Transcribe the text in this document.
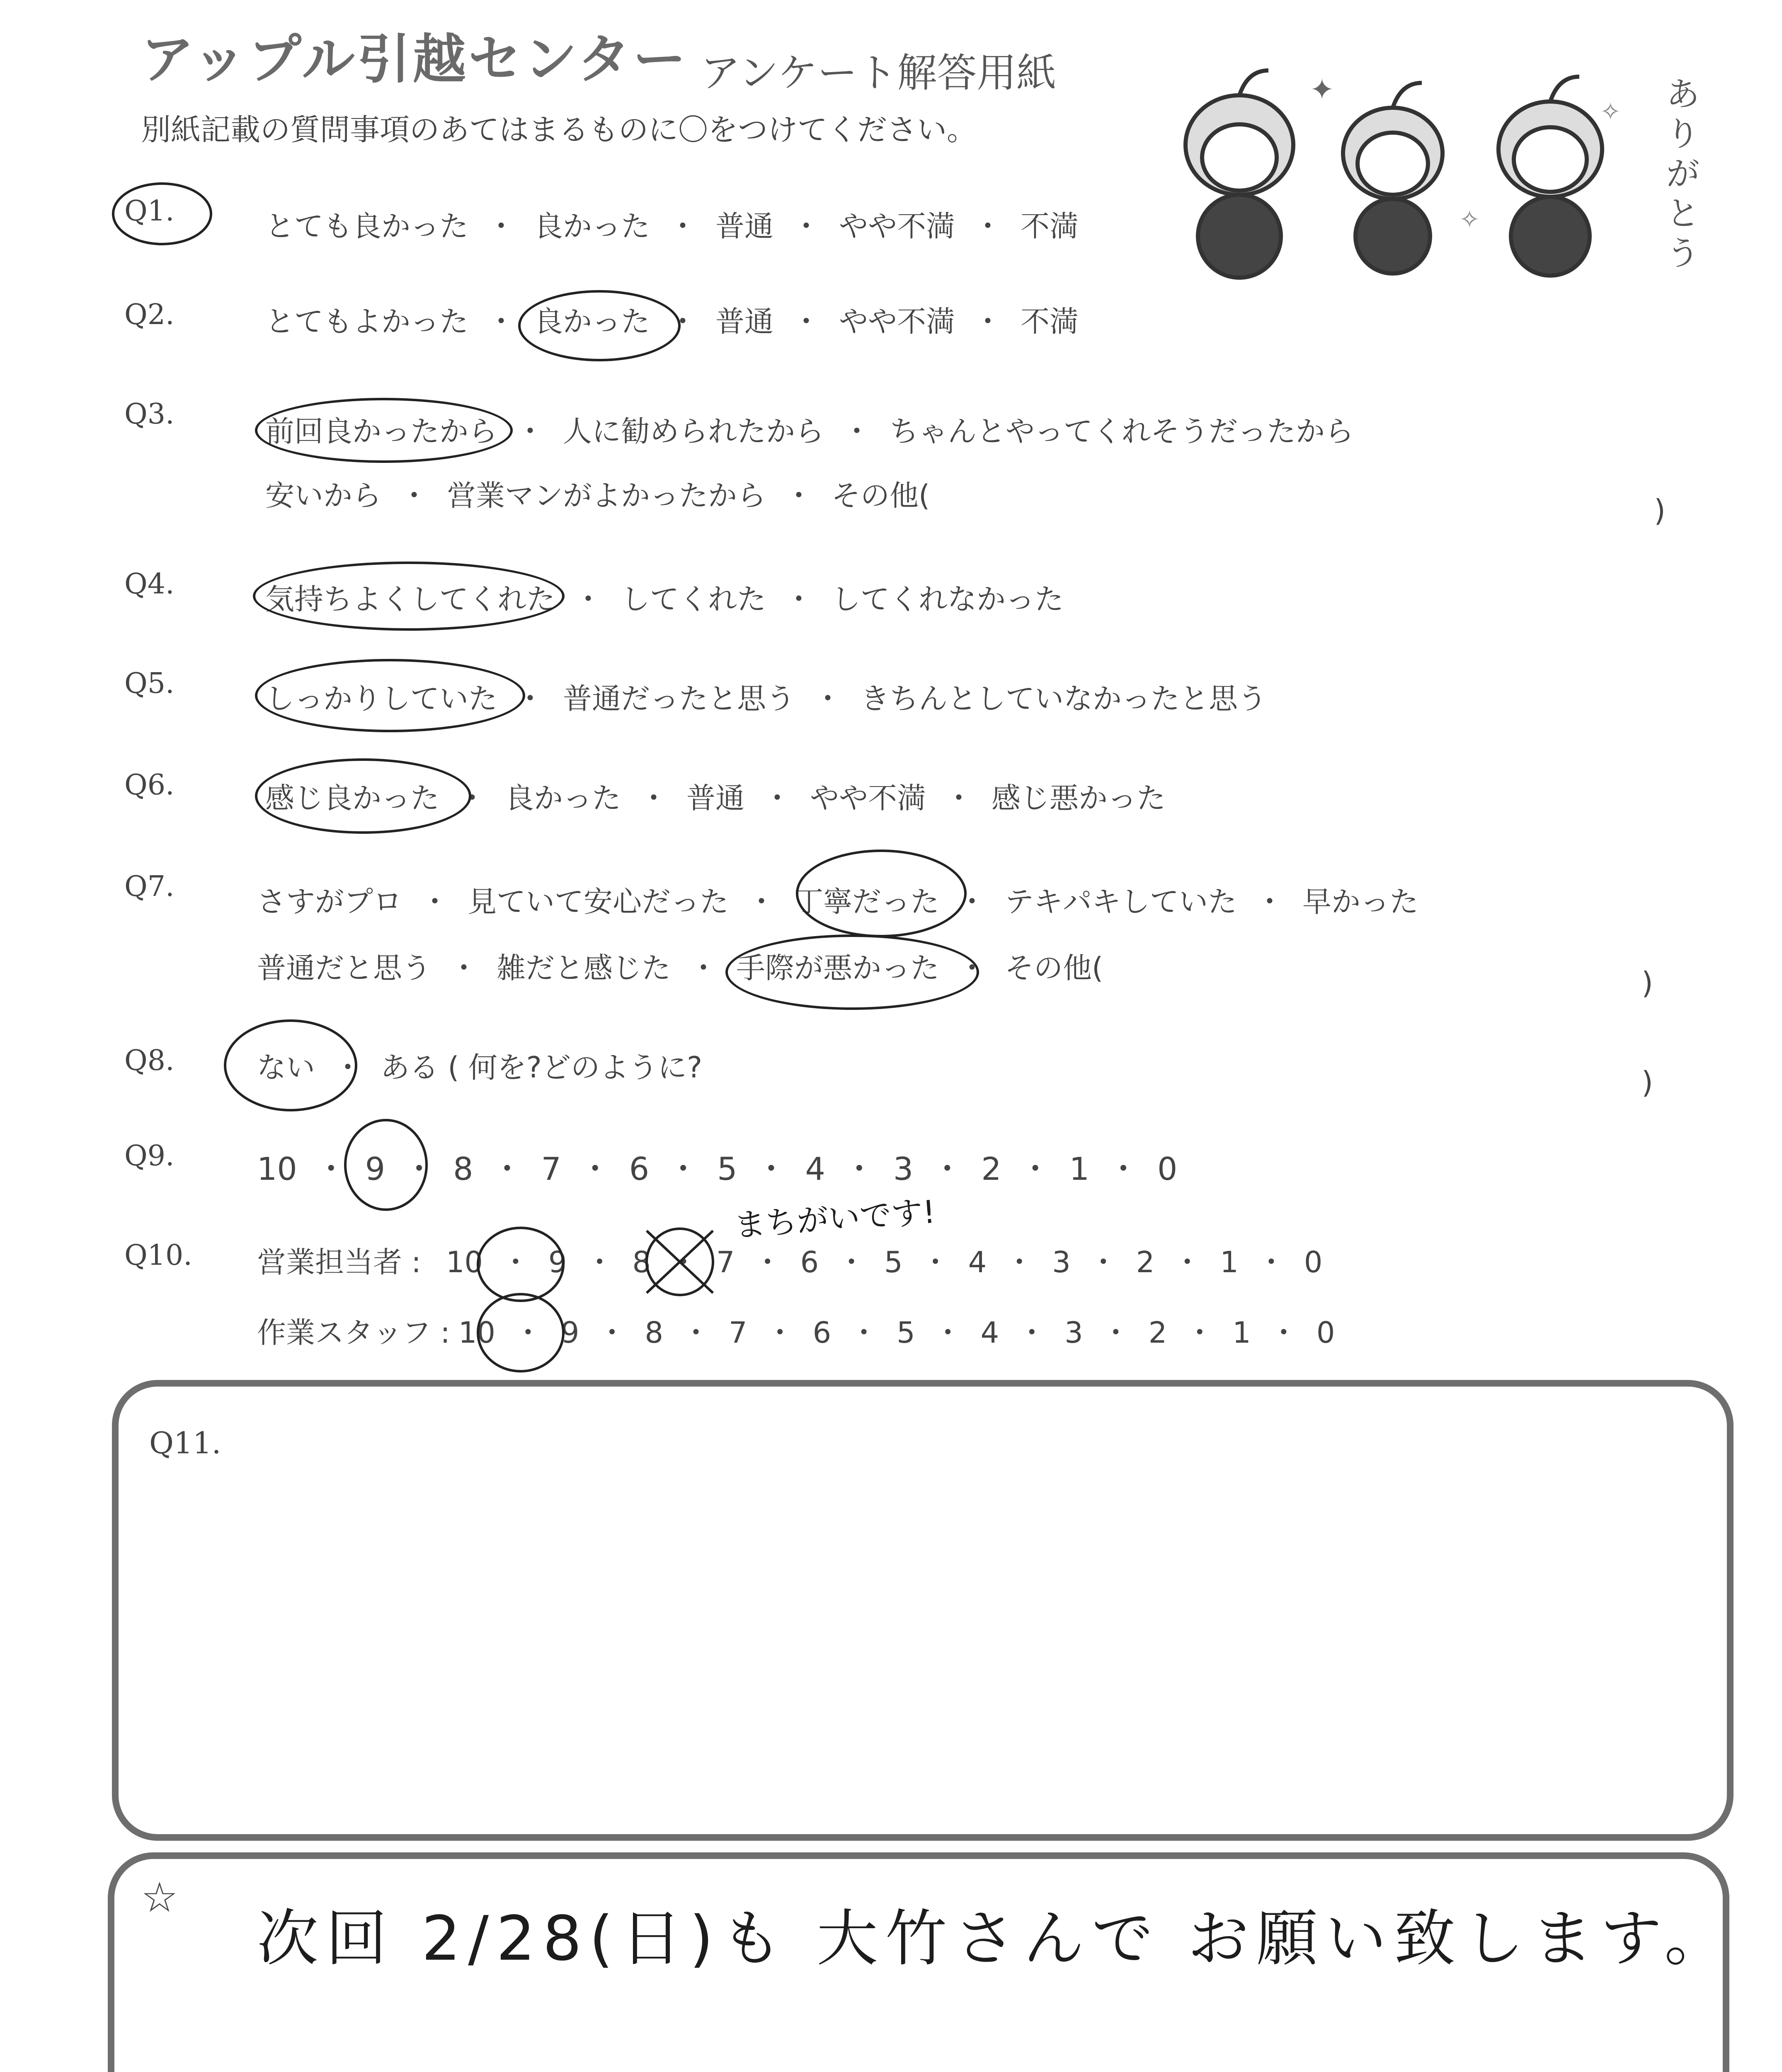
アップル引越センター アンケート解答用紙
別紙記載の質問事項のあてはまるものに〇をつけてください。
✦
✧
✧
ありがとう
Q1.	とても良かった ・ 良かった ・ 普通 ・ やや不満 ・ 不満
Q2.	とてもよかった ・ 良かった ・ 普通 ・ やや不満 ・ 不満
Q3.
前回良かったから ・ 人に勧められたから ・ ちゃんとやってくれそうだったから
安いから ・ 営業マンがよかったから ・ その他(	)
Q4.	気持ちよくしてくれた ・ してくれた ・ してくれなかった
Q5.	しっかりしていた ・ 普通だったと思う ・ きちんとしていなかったと思う
Q6.	感じ良かった ・ 良かった ・ 普通 ・ やや不満 ・ 感じ悪かった
Q7.	さすがプロ ・ 見ていて安心だった ・ 丁寧だった ・ テキパキしていた ・ 早かった
普通だと思う ・ 雑だと感じた ・ 手際が悪かった ・ その他(	)
Q8.	ない ・ ある ( 何を?どのように?	)
Q9.	10 ・ 9 ・ 8 ・ 7 ・ 6 ・ 5 ・ 4 ・ 3 ・ 2 ・ 1 ・ 0
Q10.
まちがいです!
営業担当者 : 10 ・ 9 ・ 8 ・ 7 ・ 6 ・ 5 ・ 4 ・ 3 ・ 2 ・ 1 ・ 0
作業スタッフ : 10 ・ 9 ・ 8 ・ 7 ・ 6 ・ 5 ・ 4 ・ 3 ・ 2 ・ 1 ・ 0
Q11.
☆
次回 2/28(日)も 大竹さんで お願い致します。
